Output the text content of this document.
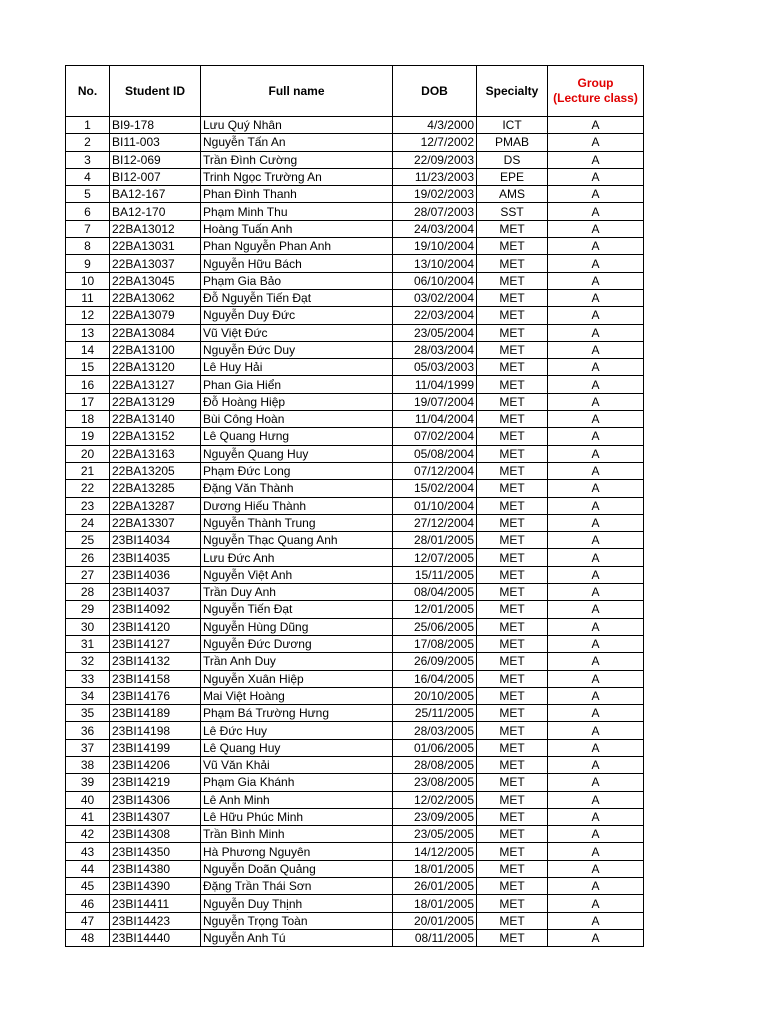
No.	Student ID	Full name	DOB	Specialty	Group
(Lecture class)
1	BI9-178	Lưu Quý Nhân	4/3/2000	ICT	A
2	BI11-003	Nguyễn Tấn An	12/7/2002	PMAB	A
3	BI12-069	Trần Đình Cường	22/09/2003	DS	A
4	BI12-007	Trinh Ngọc Trường An	11/23/2003	EPE	A
5	BA12-167	Phan Đình Thanh	19/02/2003	AMS	A
6	BA12-170	Phạm Minh Thu	28/07/2003	SST	A
7	22BA13012	Hoàng Tuấn Anh	24/03/2004	MET	A
8	22BA13031	Phan Nguyễn Phan Anh	19/10/2004	MET	A
9	22BA13037	Nguyễn Hữu Bách	13/10/2004	MET	A
10	22BA13045	Phạm Gia Bảo	06/10/2004	MET	A
11	22BA13062	Đỗ Nguyễn Tiến Đạt	03/02/2004	MET	A
12	22BA13079	Nguyễn Duy Đức	22/03/2004	MET	A
13	22BA13084	Vũ Việt Đức	23/05/2004	MET	A
14	22BA13100	Nguyễn Đức Duy	28/03/2004	MET	A
15	22BA13120	Lê Huy Hải	05/03/2003	MET	A
16	22BA13127	Phan Gia Hiển	11/04/1999	MET	A
17	22BA13129	Đỗ Hoàng Hiệp	19/07/2004	MET	A
18	22BA13140	Bùi Công Hoàn	11/04/2004	MET	A
19	22BA13152	Lê Quang Hưng	07/02/2004	MET	A
20	22BA13163	Nguyễn Quang Huy	05/08/2004	MET	A
21	22BA13205	Phạm Đức Long	07/12/2004	MET	A
22	22BA13285	Đặng Văn Thành	15/02/2004	MET	A
23	22BA13287	Dương Hiếu Thành	01/10/2004	MET	A
24	22BA13307	Nguyễn Thành Trung	27/12/2004	MET	A
25	23BI14034	Nguyễn Thạc Quang Anh	28/01/2005	MET	A
26	23BI14035	Lưu Đức Anh	12/07/2005	MET	A
27	23BI14036	Nguyễn Việt Anh	15/11/2005	MET	A
28	23BI14037	Trần Duy Anh	08/04/2005	MET	A
29	23BI14092	Nguyễn Tiến Đạt	12/01/2005	MET	A
30	23BI14120	Nguyễn Hùng Dũng	25/06/2005	MET	A
31	23BI14127	Nguyễn Đức Dương	17/08/2005	MET	A
32	23BI14132	Trần Anh Duy	26/09/2005	MET	A
33	23BI14158	Nguyễn Xuân Hiệp	16/04/2005	MET	A
34	23BI14176	Mai Việt Hoàng	20/10/2005	MET	A
35	23BI14189	Phạm Bá Trường Hưng	25/11/2005	MET	A
36	23BI14198	Lê Đức Huy	28/03/2005	MET	A
37	23BI14199	Lê Quang Huy	01/06/2005	MET	A
38	23BI14206	Vũ Văn Khải	28/08/2005	MET	A
39	23BI14219	Phạm Gia Khánh	23/08/2005	MET	A
40	23BI14306	Lê Anh Minh	12/02/2005	MET	A
41	23BI14307	Lê Hữu Phúc Minh	23/09/2005	MET	A
42	23BI14308	Trần Bình Minh	23/05/2005	MET	A
43	23BI14350	Hà Phương Nguyên	14/12/2005	MET	A
44	23BI14380	Nguyễn Doãn Quảng	18/01/2005	MET	A
45	23BI14390	Đặng Trần Thái Sơn	26/01/2005	MET	A
46	23BI14411	Nguyễn Duy Thịnh	18/01/2005	MET	A
47	23BI14423	Nguyễn Trọng Toàn	20/01/2005	MET	A
48	23BI14440	Nguyễn Anh Tú	08/11/2005	MET	A
